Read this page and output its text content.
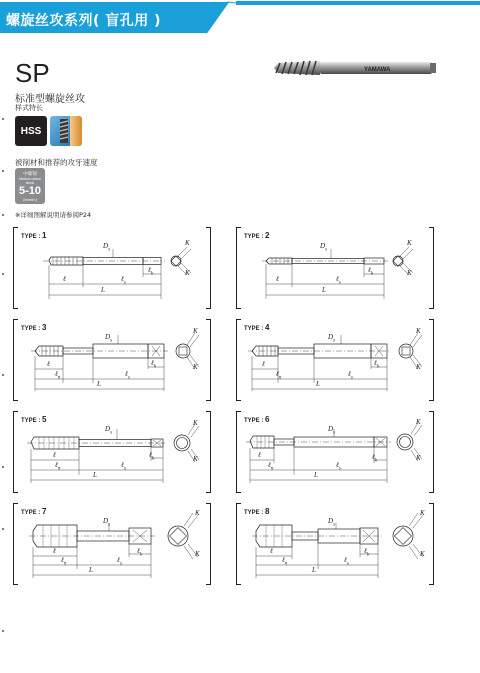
螺旋丝攻系列( 盲孔用 )
SP
标准型螺旋丝攻
样式特长
HSS
被削材和推荐的攻牙速度
中碳钢
Medium carbon steels
5-10
(m/min)
※详细图解说明请参阅P24
YAMAWA
TYPE : 1
$D_s$
ℓ	ℓ$_s$
ℓ$_k$
L
K
K
TYPE : 2
$D_s$
ℓ	ℓ$_s$
ℓ$_k$
L
K
K
TYPE : 3
$D_s$
ℓ
ℓ$_n$	ℓ$_s$
ℓ$_k$
L
K
K
TYPE : 4
$D_s$
ℓ
ℓ$_n$	ℓ$_s$
ℓ$_k$
L
K
K
TYPE : 5
$D_s$
ℓ
ℓ$_n$	ℓ$_s$
ℓ$_k$
L
K
K
TYPE : 6
$D_s$
ℓ
ℓ$_n$	ℓ$_s$
ℓ$_k$
L
K
K
TYPE : 7
$D_s$
ℓ
ℓ$_n$	ℓ$_s$
ℓ$_k$
L
K
K
TYPE : 8
$D_s$
ℓ
ℓ$_n$	ℓ$_s$
ℓ$_k$
L
K
K
